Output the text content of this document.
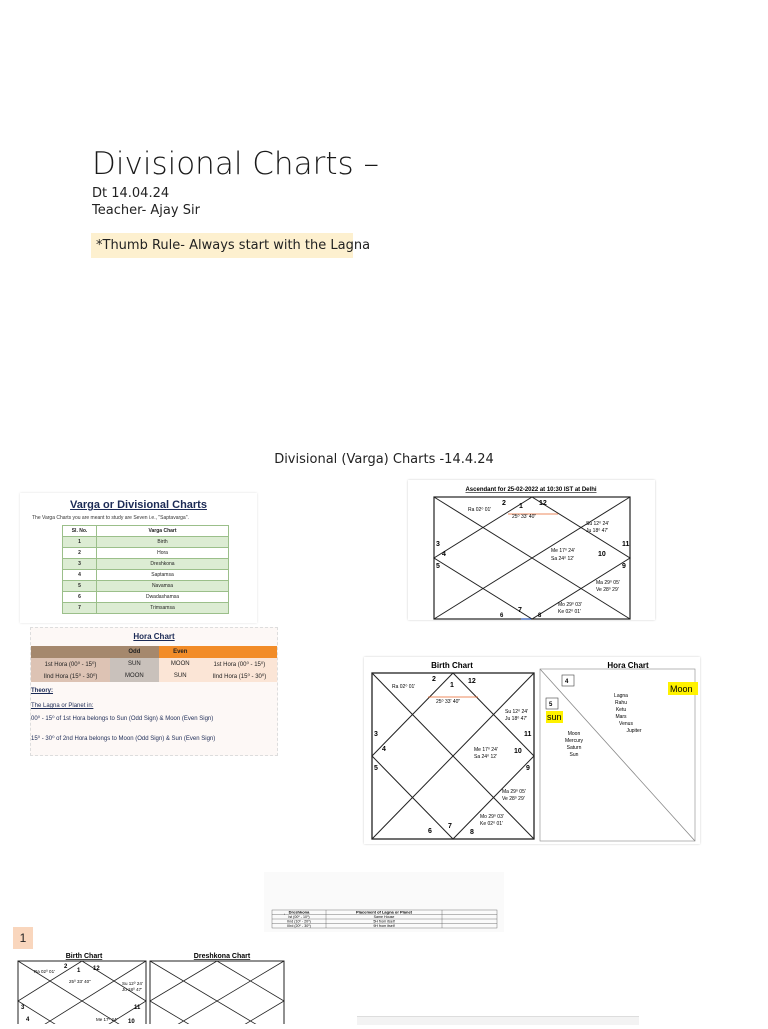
Divisional Charts –
Dt 14.04.24
Teacher- Ajay Sir
*Thumb Rule- Always start with the Lagna
Divisional (Varga) Charts -14.4.24
Varga or Divisional Charts
The Varga Charts you are meant to study are Seven i.e., "Saptavarga".
Sl. No.	Varga Chart
1	Birth
2	Hora
3	Dreshkona
4	Saptamsa
5	Navamsa
6	Dwadashamsa
7	Trimsamsa
Hora Chart
	Odd	Even	
1st Hora (00⁰ - 15⁰)	SUN	MOON	1st Hora (00⁰ - 15⁰)
IInd Hora (15⁰ - 30⁰)	MOON	SUN	IInd Hora (15⁰ - 30⁰)
Theory:
The Lagna or Planet in:
00⁰ - 15⁰ of 1st Hora belongs to Sun (Odd Sign) & Moon (Even Sign)
15⁰ - 30⁰ of 2nd Hora belongs to Moon (Odd Sign) & Sun (Even Sign)
Ascendant for 25-02-2022 at 10:30 IST at Delhi
Ra 02⁰ 01'
25⁰ 33' 40"
2 1 12
3
4
5
11
10
9
6
7
8
Su 12⁰ 24'
Ju 18⁰ 47'
Me 17⁰ 24'
Sa 24⁰ 12'
Ma 29⁰ 05'
Ve 28⁰ 29'
Mo 29⁰ 03'
Ke 02⁰ 01'
Birth Chart
Ra 02⁰ 01'
25⁰ 33' 40"
2
1
12
3
4
5
11
10
9
6
7
8
Su 12⁰ 24'
Ju 18⁰ 47'
Me 17⁰ 24'
Sa 24⁰ 12'
Ma 29⁰ 05'
Ve 28⁰ 29'
Mo 29⁰ 03'
Ke 02⁰ 01'
Hora Chart
4
5
Moon
sun
Lagna
Rahu
Ketu
Mars
Venus
Jupiter
Moon
Mercury
Saturn
Sun
• Dreshkona	Placement of Lagna or Planet
Ist (00⁰ - 10⁰)	Same House
IInd (10⁰ - 20⁰)	5H from itself
IIIrd (20⁰ - 30⁰)	9H from itself
1
Birth Chart	Dreshkona Chart
Ra 02⁰ 01'
25⁰ 33' 40"
2
1 12
3
4
11
10
Su 12⁰ 24'
Ju 18⁰ 47'
Me 17⁰ 24'
